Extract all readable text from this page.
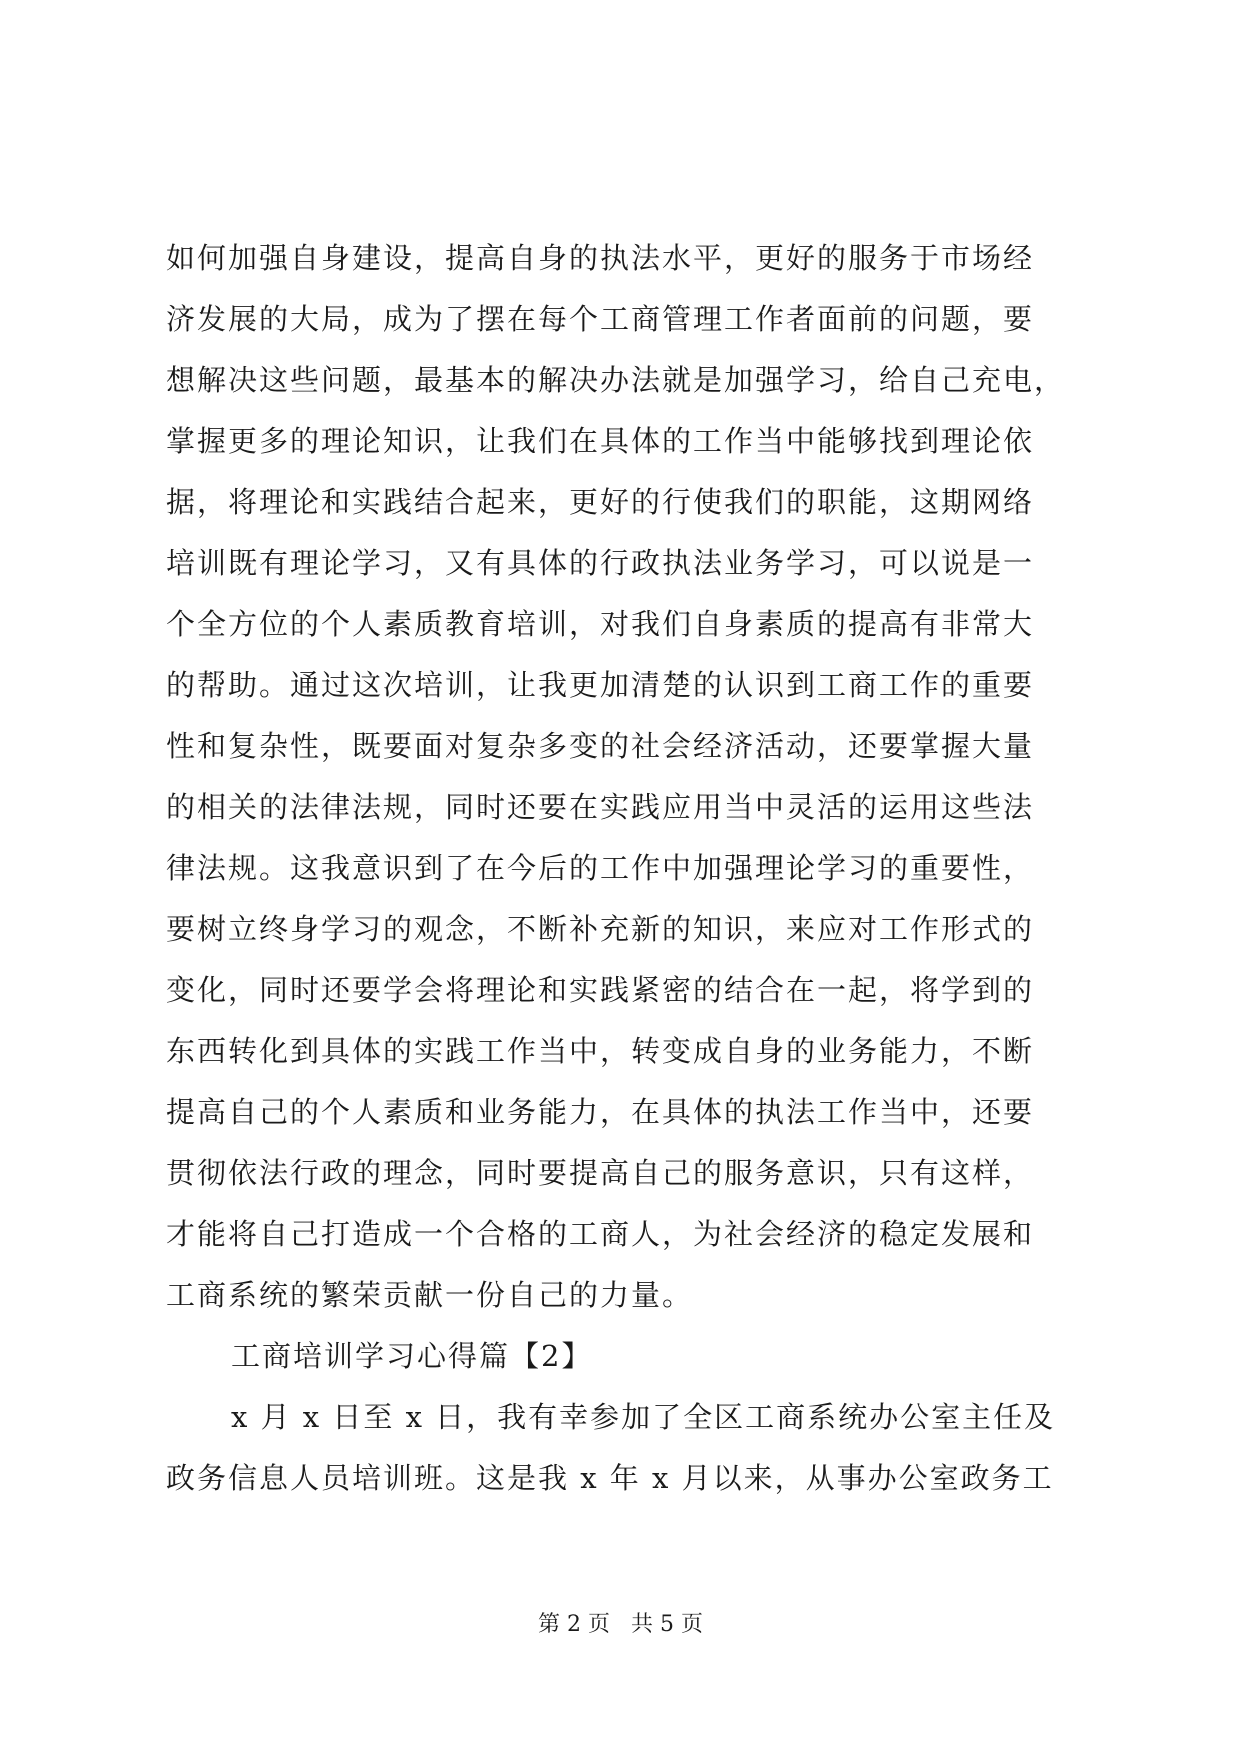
如何加强自身建设，提高自身的执法水平，更好的服务于市场经
济发展的大局，成为了摆在每个工商管理工作者面前的问题，要
想解决这些问题，最基本的解决办法就是加强学习，给自己充电，
掌握更多的理论知识，让我们在具体的工作当中能够找到理论依
据，将理论和实践结合起来，更好的行使我们的职能，这期网络
培训既有理论学习，又有具体的行政执法业务学习，可以说是一
个全方位的个人素质教育培训，对我们自身素质的提高有非常大
的帮助。通过这次培训，让我更加清楚的认识到工商工作的重要
性和复杂性，既要面对复杂多变的社会经济活动，还要掌握大量
的相关的法律法规，同时还要在实践应用当中灵活的运用这些法
律法规。这我意识到了在今后的工作中加强理论学习的重要性，
要树立终身学习的观念，不断补充新的知识，来应对工作形式的
变化，同时还要学会将理论和实践紧密的结合在一起，将学到的
东西转化到具体的实践工作当中，转变成自身的业务能力，不断
提高自己的个人素质和业务能力，在具体的执法工作当中，还要
贯彻依法行政的理念，同时要提高自己的服务意识，只有这样，
才能将自己打造成一个合格的工商人，为社会经济的稳定发展和
工商系统的繁荣贡献一份自己的力量。
工商培训学习心得篇【2】
x 月 x 日至 x 日，我有幸参加了全区工商系统办公室主任及
政务信息人员培训班。这是我 x 年 x 月以来，从事办公室政务工
第 2 页 共 5 页
